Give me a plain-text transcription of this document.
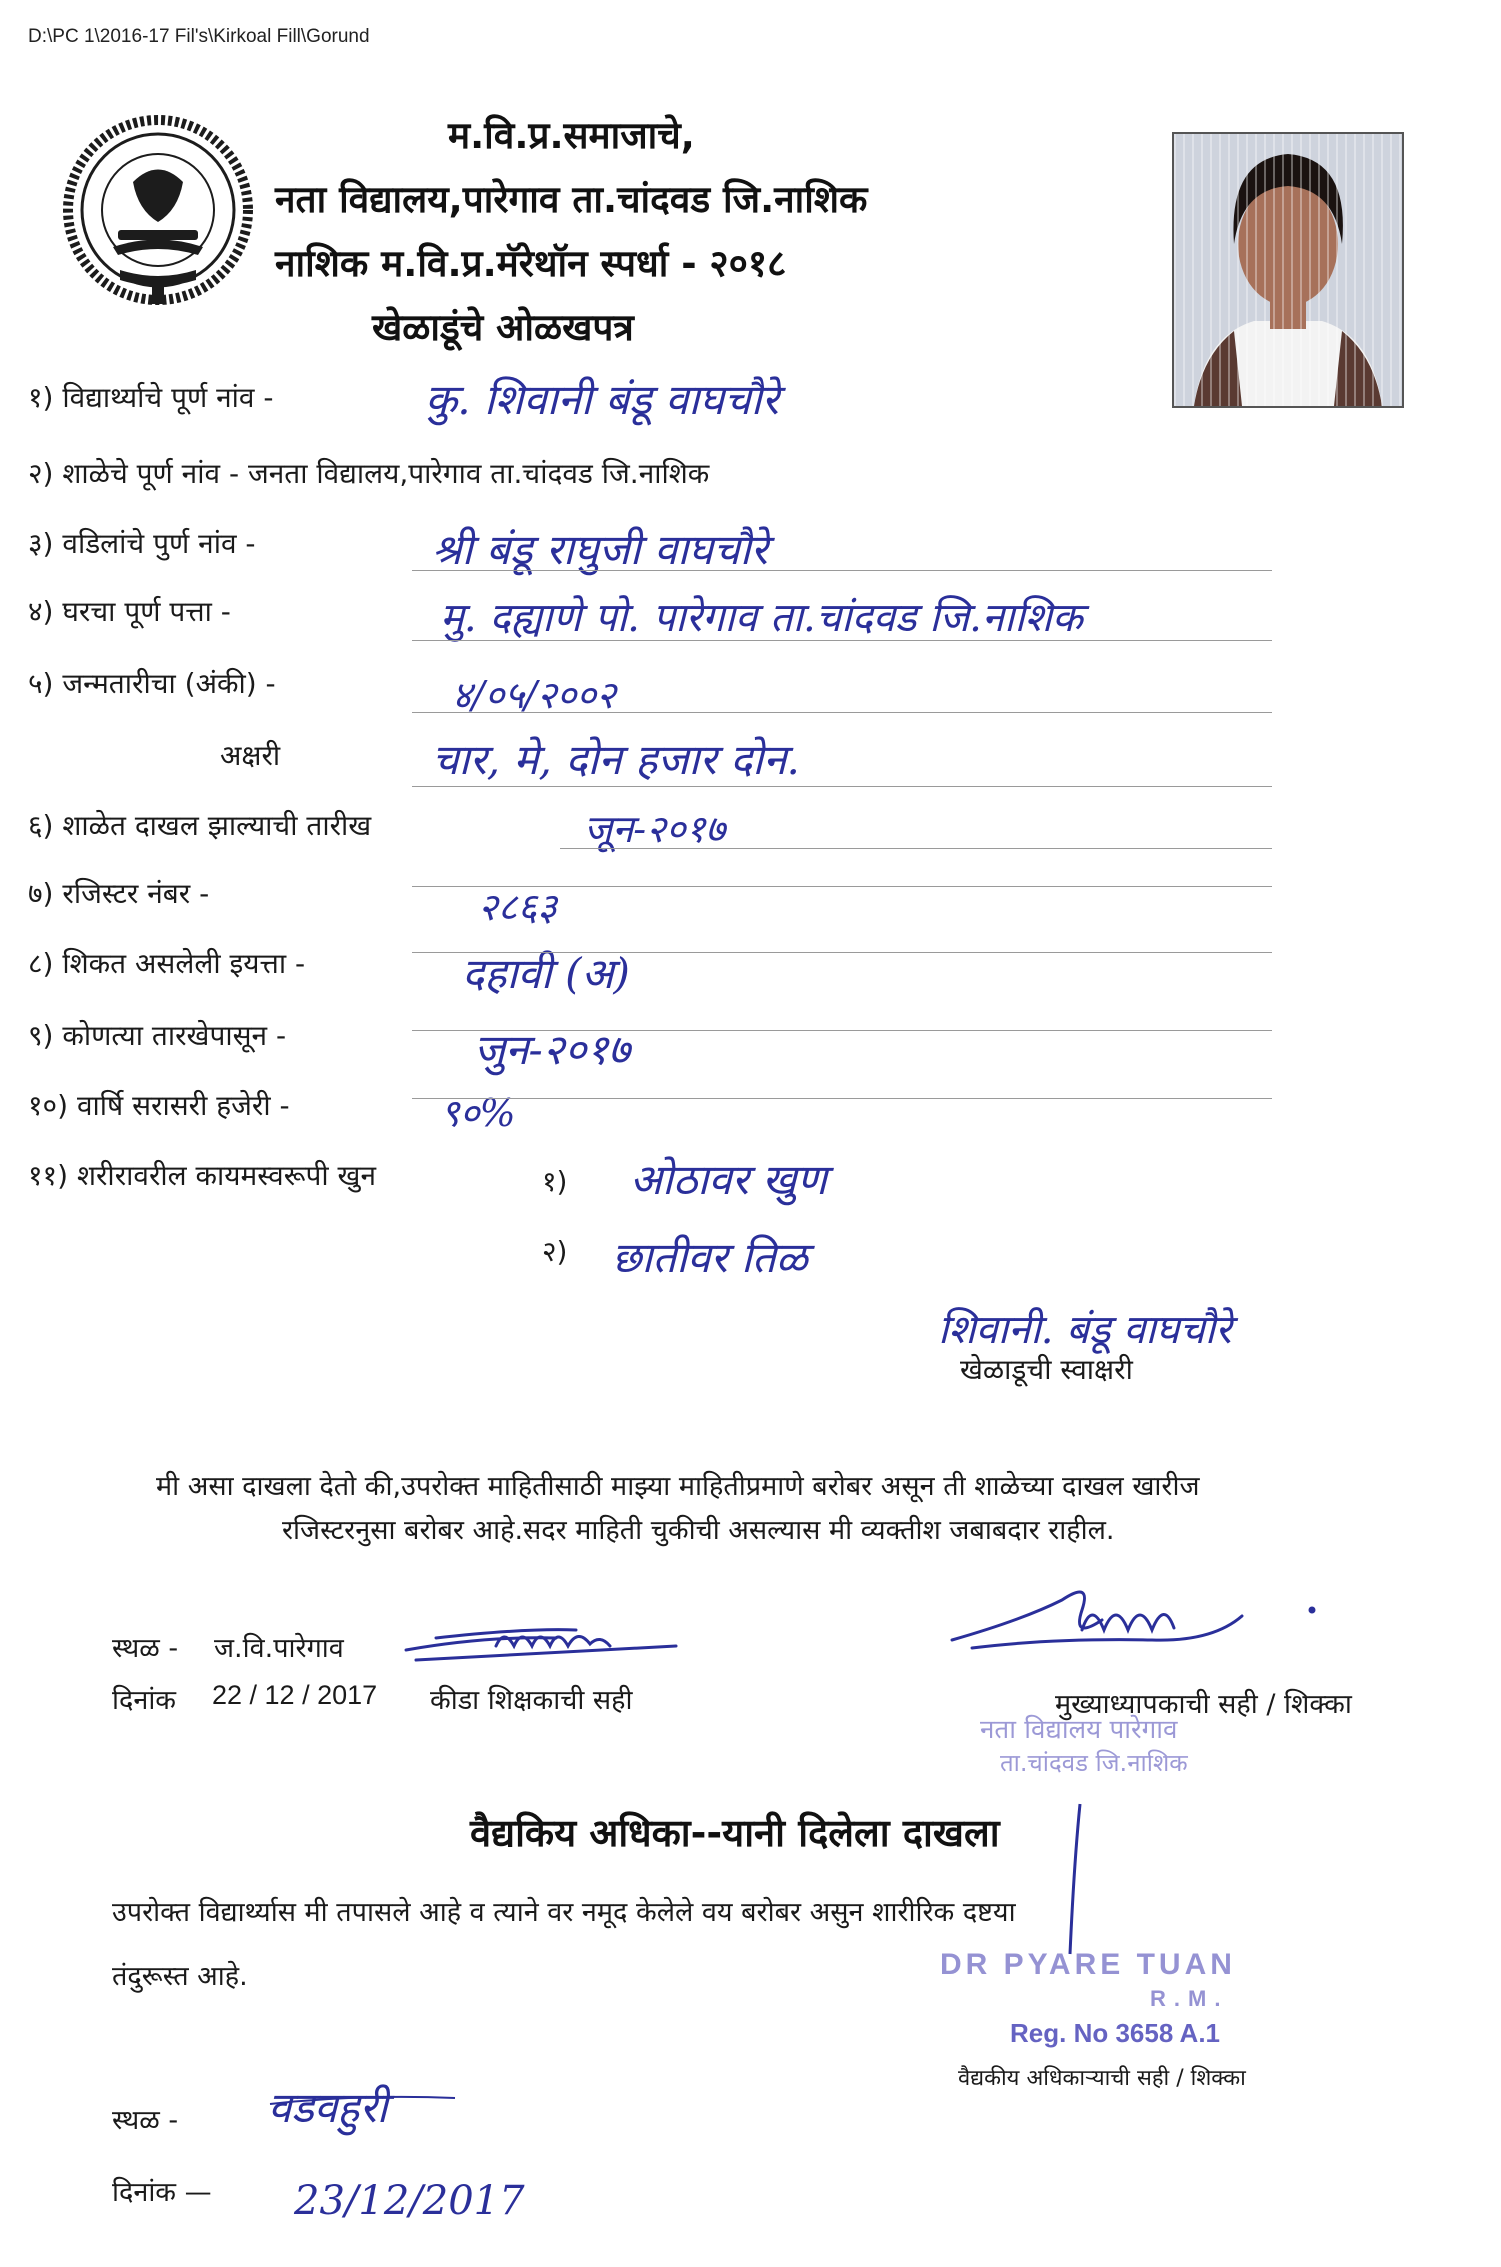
D:\PC 1\2016-17 Fil's\Kirkoal Fill\Gorund
म.वि.प्र.समाजाचे,
नता विद्यालय,पारेगाव ता.चांदवड जि.नाशिक
नाशिक म.वि.प्र.मॅरेथॉन स्पर्धा - २०१८
खेळाडूंचे ओळखपत्र
१) विद्यार्थ्याचे पूर्ण नांव -	कु. शिवानी बंडू वाघचौरे
२) शाळेचे पूर्ण नांव - जनता विद्यालय,पारेगाव ता.चांदवड जि.नाशिक
३) वडिलांचे पुर्ण नांव -	श्री बंडू राघुजी वाघचौरे
४) घरचा पूर्ण पत्ता -	मु. दह्याणे पो. पारेगाव ता.चांदवड जि.नाशिक
५) जन्मतारीचा (अंकी) -	४/०५/२००२
अक्षरी	चार, मे, दोन हजार दोन.
६) शाळेत दाखल झाल्याची तारीख	जून-२०१७
७) रजिस्टर नंबर -	२८६३
८) शिकत असलेली इयत्ता -	दहावी (अ)
९) कोणत्या तारखेपासून -	जुन-२०१७
१०) वार्षि सरासरी हजेरी -	९०%
११) शरीरावरील कायमस्वरूपी खुन	१) ओठावर खुण
२) छातीवर तिळ
शिवानी. बंडू वाघचौरे
खेळाडूची स्वाक्षरी
मी असा दाखला देतो की,उपरोक्त माहितीसाठी माझ्या माहितीप्रमाणे बरोबर असून ती शाळेच्या दाखल खारीज
रजिस्टरनुसा बरोबर आहे.सदर माहिती चुकीची असल्यास मी व्यक्तीश जबाबदार राहील.
स्थळ - ज.वि.पारेगाव
दिनांक 22 / 12 / 2017 कीडा शिक्षकाची सही	मुख्याध्यापकाची सही / शिक्का
नता विद्यालय पारेगाव
ता.चांदवड जि.नाशिक
वैद्यकिय अधिका--यानी दिलेला दाखला
उपरोक्त विद्यार्थ्यास मी तपासले आहे व त्याने वर नमूद केलेले वय बरोबर असुन शारीरिक दष्टया
तंदुरूस्त आहे.	DR PYARE TUAN
R.M.
Reg. No 3658 A.1
वैद्यकीय अधिकाऱ्याची सही / शिक्का
स्थळ - वडवहुरी
दिनांक — 23/12/2017
